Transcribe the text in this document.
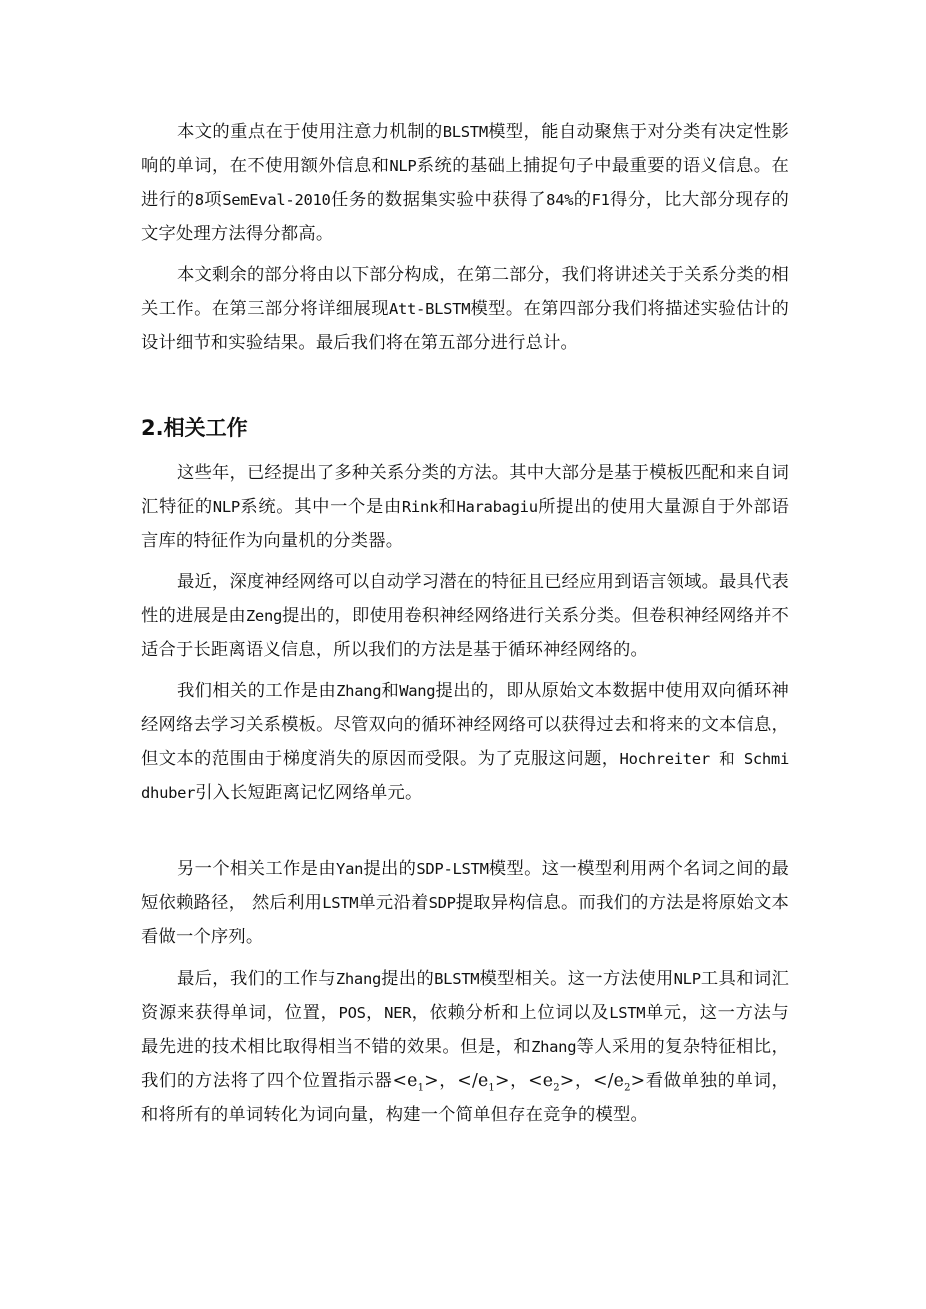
本文的重点在于使用注意力机制的BLSTM模型，能自动聚焦于对分类有决定性影响的单词，在不使用额外信息和NLP系统的基础上捕捉句子中最重要的语义信息。在进行的8项SemEval-2010任务的数据集实验中获得了84%的F1得分，比大部分现存的文字处理方法得分都高。

本文剩余的部分将由以下部分构成，在第二部分，我们将讲述关于关系分类的相关工作。在第三部分将详细展现Att-BLSTM模型。在第四部分我们将描述实验估计的设计细节和实验结果。最后我们将在第五部分进行总计。

2.相关工作

这些年，已经提出了多种关系分类的方法。其中大部分是基于模板匹配和来自词汇特征的NLP系统。其中一个是由Rink和Harabagiu所提出的使用大量源自于外部语言库的特征作为向量机的分类器。

最近，深度神经网络可以自动学习潜在的特征且已经应用到语言领域。最具代表性的进展是由Zeng提出的，即使用卷积神经网络进行关系分类。但卷积神经网络并不适合于长距离语义信息，所以我们的方法是基于循环神经网络的。

我们相关的工作是由Zhang和Wang提出的，即从原始文本数据中使用双向循环神经网络去学习关系模板。尽管双向的循环神经网络可以获得过去和将来的文本信息，但文本的范围由于梯度消失的原因而受限。为了克服这问题，Hochreiter 和 Schmidhuber引入长短距离记忆网络单元。

另一个相关工作是由Yan提出的SDP-LSTM模型。这一模型利用两个名词之间的最短依赖路径， 然后利用LSTM单元沿着SDP提取异构信息。而我们的方法是将原始文本看做一个序列。

最后，我们的工作与Zhang提出的BLSTM模型相关。这一方法使用NLP工具和词汇资源来获得单词，位置，POS，NER，依赖分析和上位词以及LSTM单元，这一方法与最先进的技术相比取得相当不错的效果。但是，和Zhang等人采用的复杂特征相比，我们的方法将了四个位置指示器$<e_1>$，$</e_1>$，$<e_2>$，$</e_2>$看做单独的单词，和将所有的单词转化为词向量，构建一个简单但存在竞争的模型。
